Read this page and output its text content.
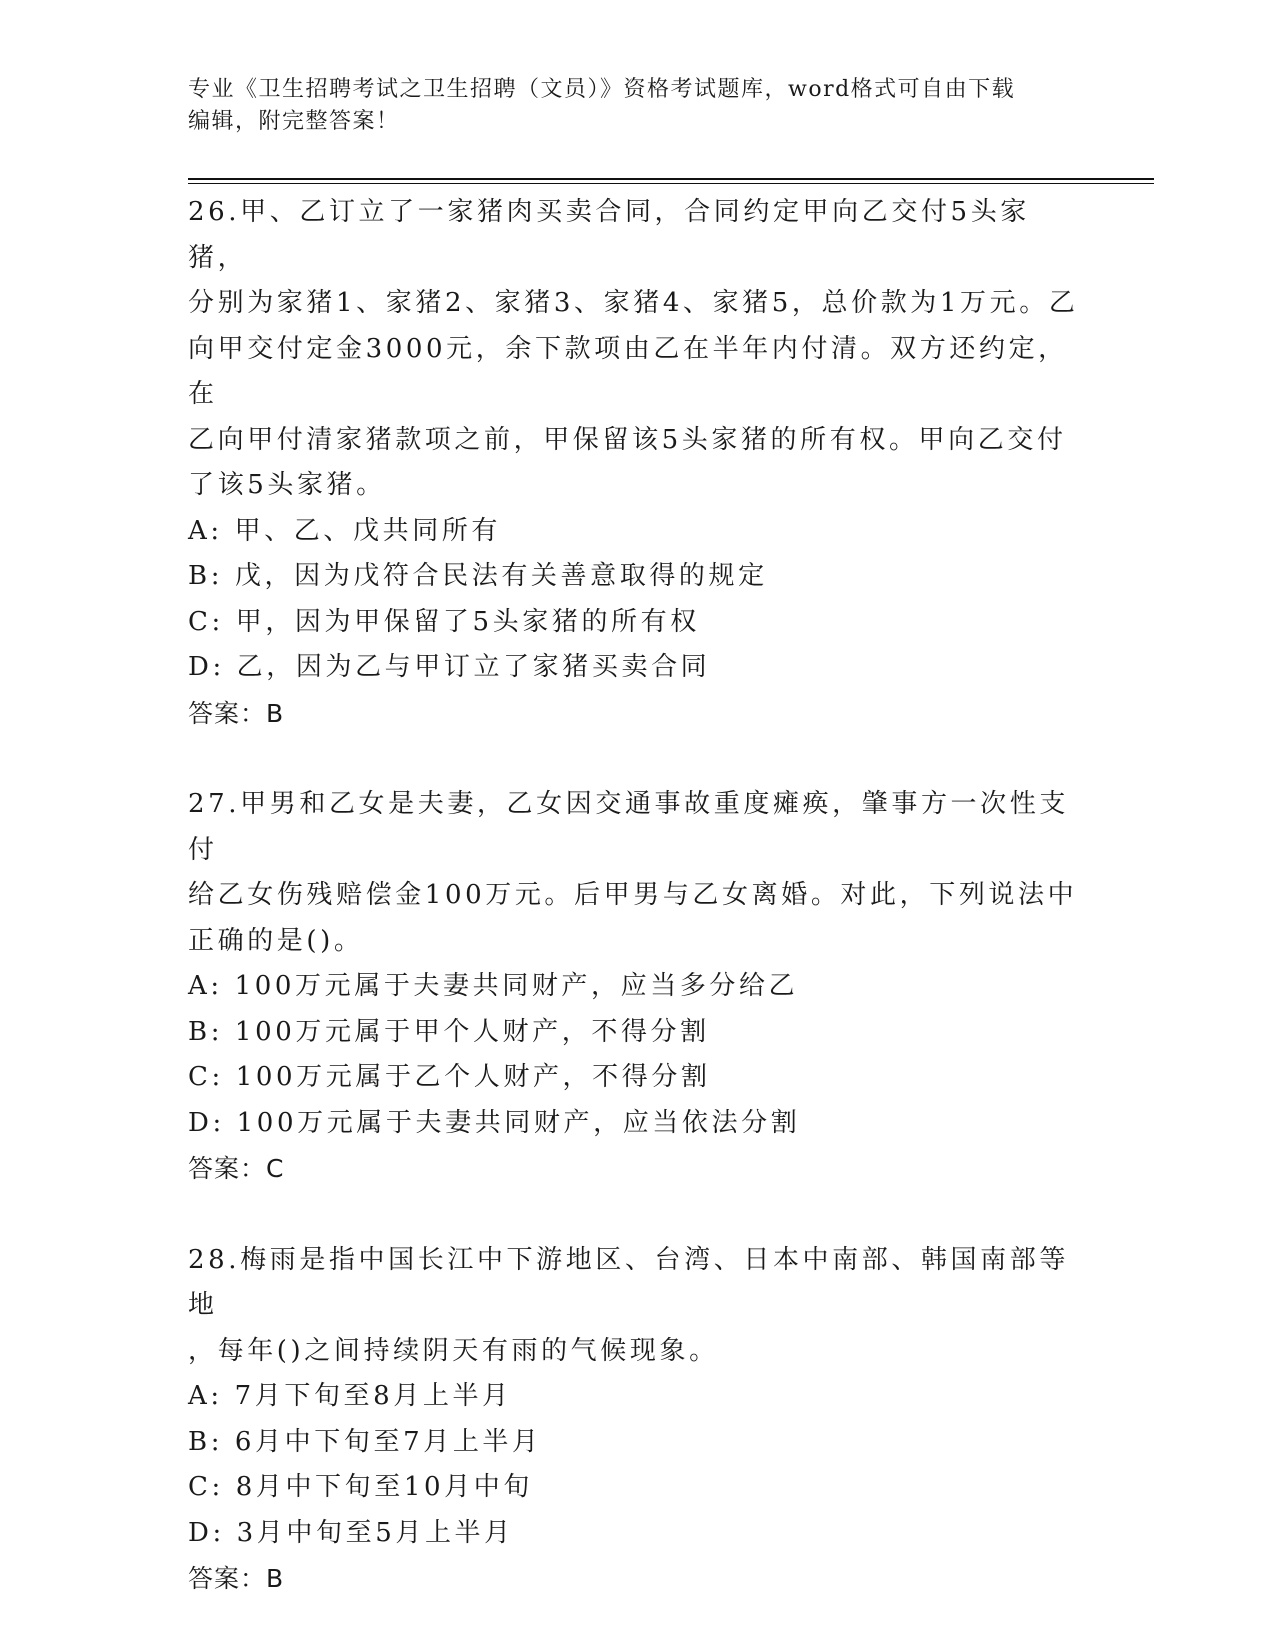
专业《卫生招聘考试之卫生招聘（文员）》资格考试题库，word格式可自由下载
编辑，附完整答案！

26.甲、乙订立了一家猪肉买卖合同，合同约定甲向乙交付5头家猪，
分别为家猪1、家猪2、家猪3、家猪4、家猪5，总价款为1万元。乙
向甲交付定金3000元，余下款项由乙在半年内付清。双方还约定，在
乙向甲付清家猪款项之前，甲保留该5头家猪的所有权。甲向乙交付
了该5头家猪。

A: 甲、乙、戊共同所有

B: 戊，因为戊符合民法有关善意取得的规定

C: 甲，因为甲保留了5头家猪的所有权

D: 乙，因为乙与甲订立了家猪买卖合同

答案：B

27.甲男和乙女是夫妻，乙女因交通事故重度瘫痪，肇事方一次性支付
给乙女伤残赔偿金100万元。后甲男与乙女离婚。对此，下列说法中
正确的是()。

A: 100万元属于夫妻共同财产，应当多分给乙

B: 100万元属于甲个人财产，不得分割

C: 100万元属于乙个人财产，不得分割

D: 100万元属于夫妻共同财产，应当依法分割

答案：C

28.梅雨是指中国长江中下游地区、台湾、日本中南部、韩国南部等地
，每年()之间持续阴天有雨的气候现象。

A: 7月下旬至8月上半月

B: 6月中下旬至7月上半月

C: 8月中下旬至10月中旬

D: 3月中旬至5月上半月

答案：B
